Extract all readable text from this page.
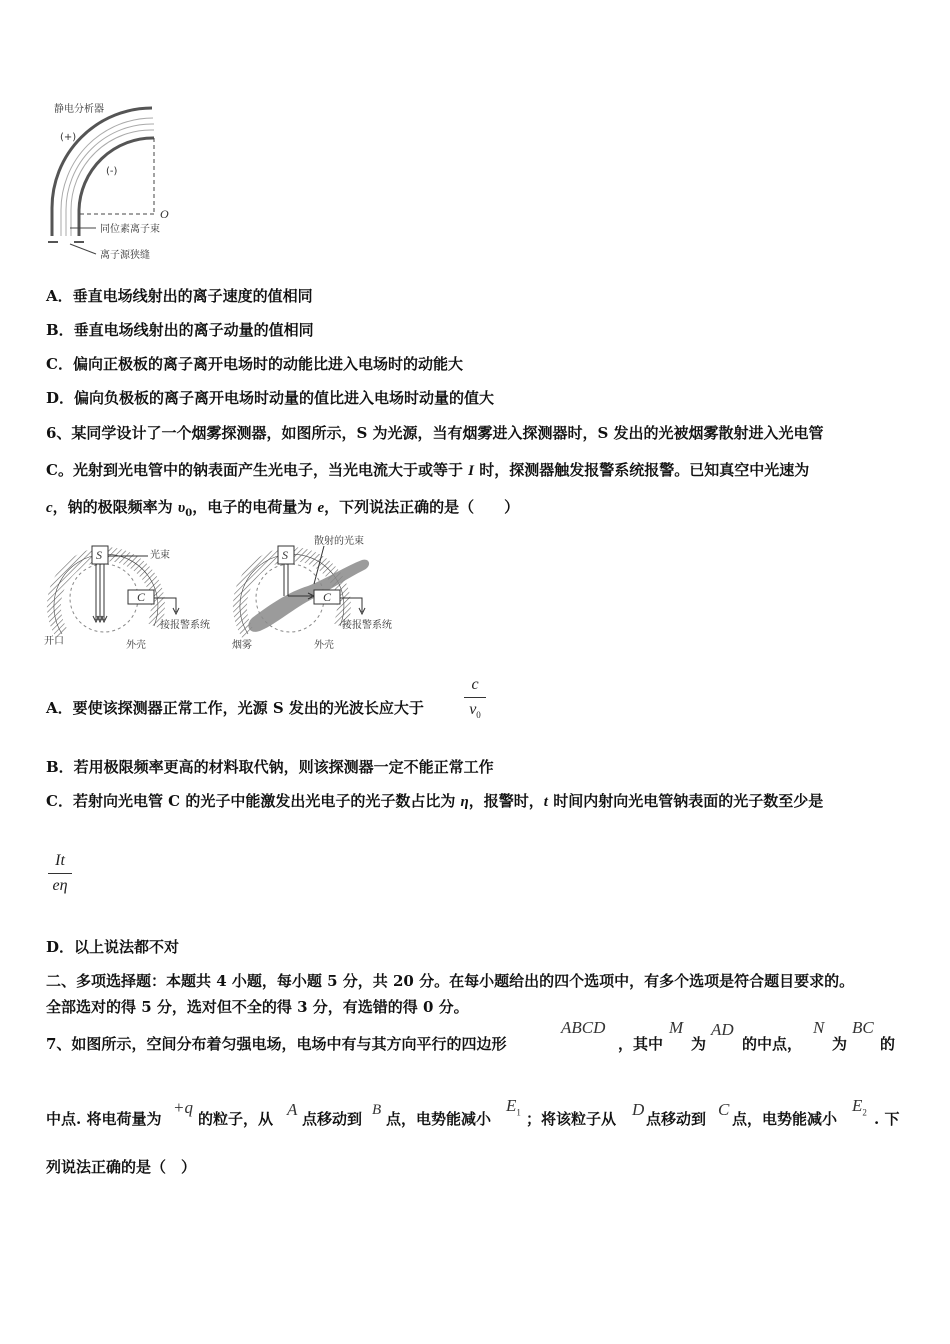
静电分析器
(+)
(-)
O
同位素离子束
离子源狭缝
A．垂直电场线射出的离子速度的值相同
B．垂直电场线射出的离子动量的值相同
C．偏向正极板的离子离开电场时的动能比进入电场时的动能大
D．偏向负极板的离子离开电场时动量的值比进入电场时动量的值大
6、某同学设计了一个烟雾探测器，如图所示，S 为光源，当有烟雾进入探测器时，S 发出的光被烟雾散射进入光电管
C。光射到光电管中的钠表面产生光电子，当光电流大于或等于 I 时，探测器触发报警系统报警。已知真空中光速为
c，钠的极限频率为 $\upsilon_0$，电子的电荷量为 e，下列说法正确的是（　　）
S	光束
C
接报警系统
开口	外壳
S
散射的光束
C
接报警系统
烟雾	外壳
A．要使该探测器正常工作，光源 S 发出的光波长应大于
c
$v_0$
B．若用极限频率更高的材料取代钠，则该探测器一定不能正常工作
C．若射向光电管 C 的光子中能激发出光电子的光子数占比为 η，报警时，t 时间内射向光电管钠表面的光子数至少是
It
eη
D．以上说法都不对
二、多项选择题：本题共 4 小题，每小题 5 分，共 20 分。在每小题给出的四个选项中，有多个选项是符合题目要求的。
全部选对的得 5 分，选对但不全的得 3 分，有选错的得 0 分。
7、如图所示，空间分布着匀强电场，电场中有与其方向平行的四边形
ABCD
，其中
M
为
AD
的中点，
N
为
BC
的
中点. 将电荷量为
+q
的粒子，从 A 点移动到 B 点，电势能减小
$E_1$ ；将该粒子从 D 点移动到 C 点，电势能减小
$E_2$ . 下
列说法正确的是（　）
